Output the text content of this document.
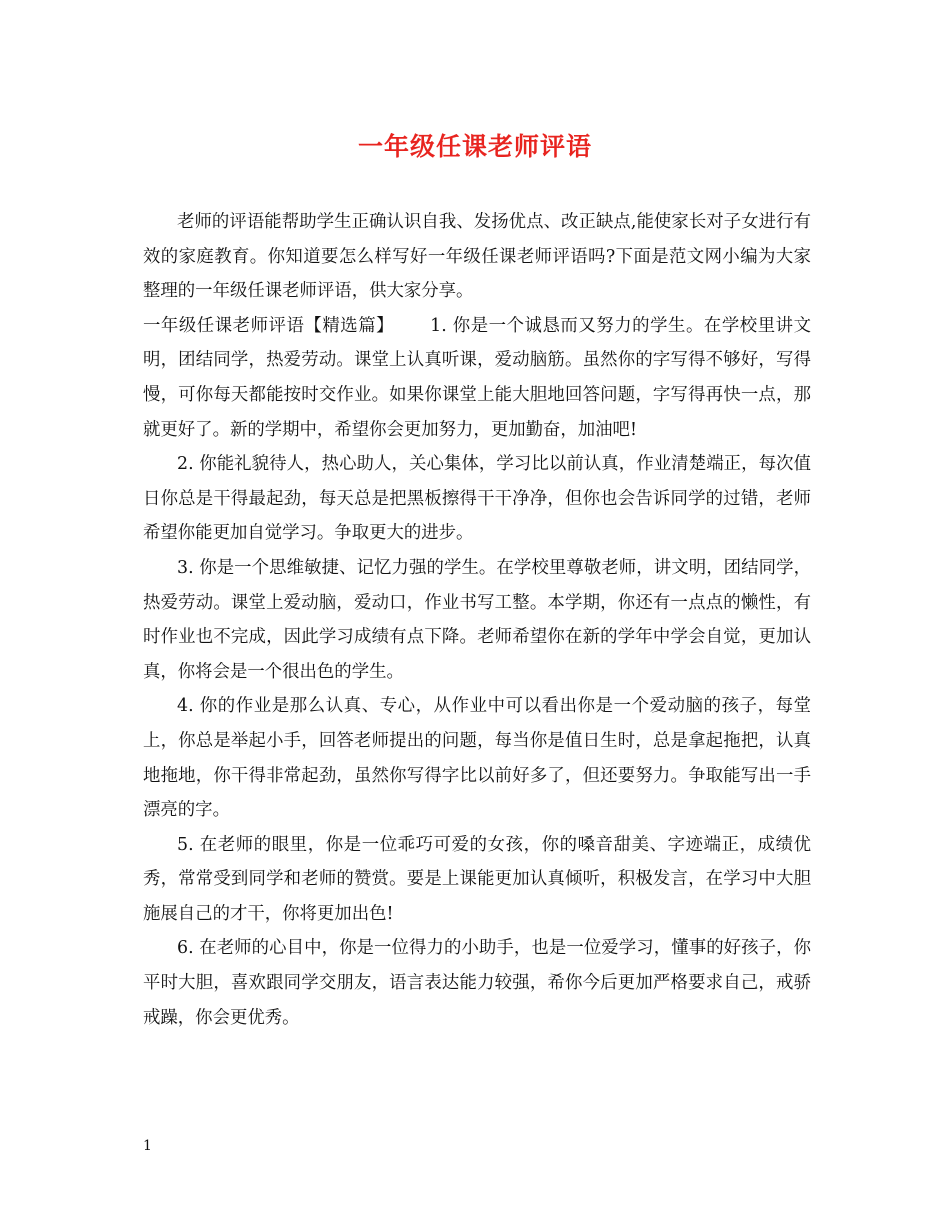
一年级任课老师评语

老师的评语能帮助学生正确认识自我、发扬优点、改正缺点,能使家长对子女进行有效的家庭教育。你知道要怎么样写好一年级任课老师评语吗?下面是范文网小编为大家整理的一年级任课老师评语，供大家分享。

一年级任课老师评语【精选篇】 1. 你是一个诚恳而又努力的学生。在学校里讲文明，团结同学，热爱劳动。课堂上认真听课，爱动脑筋。虽然你的字写得不够好，写得慢，可你每天都能按时交作业。如果你课堂上能大胆地回答问题，字写得再快一点，那就更好了。新的学期中，希望你会更加努力，更加勤奋，加油吧!

2. 你能礼貌待人，热心助人，关心集体，学习比以前认真，作业清楚端正，每次值日你总是干得最起劲，每天总是把黑板擦得干干净净，但你也会告诉同学的过错，老师希望你能更加自觉学习。争取更大的进步。

3. 你是一个思维敏捷、记忆力强的学生。在学校里尊敬老师，讲文明，团结同学，热爱劳动。课堂上爱动脑，爱动口，作业书写工整。本学期，你还有一点点的懒性，有时作业也不完成，因此学习成绩有点下降。老师希望你在新的学年中学会自觉，更加认真，你将会是一个很出色的学生。

4. 你的作业是那么认真、专心，从作业中可以看出你是一个爱动脑的孩子，每堂上，你总是举起小手，回答老师提出的问题，每当你是值日生时，总是拿起拖把，认真地拖地，你干得非常起劲，虽然你写得字比以前好多了，但还要努力。争取能写出一手漂亮的字。

5. 在老师的眼里，你是一位乖巧可爱的女孩，你的嗓音甜美、字迹端正，成绩优秀，常常受到同学和老师的赞赏。要是上课能更加认真倾听，积极发言，在学习中大胆施展自己的才干，你将更加出色!

6. 在老师的心目中，你是一位得力的小助手，也是一位爱学习，懂事的好孩子，你平时大胆，喜欢跟同学交朋友，语言表达能力较强，希你今后更加严格要求自己，戒骄戒躁，你会更优秀。

1
